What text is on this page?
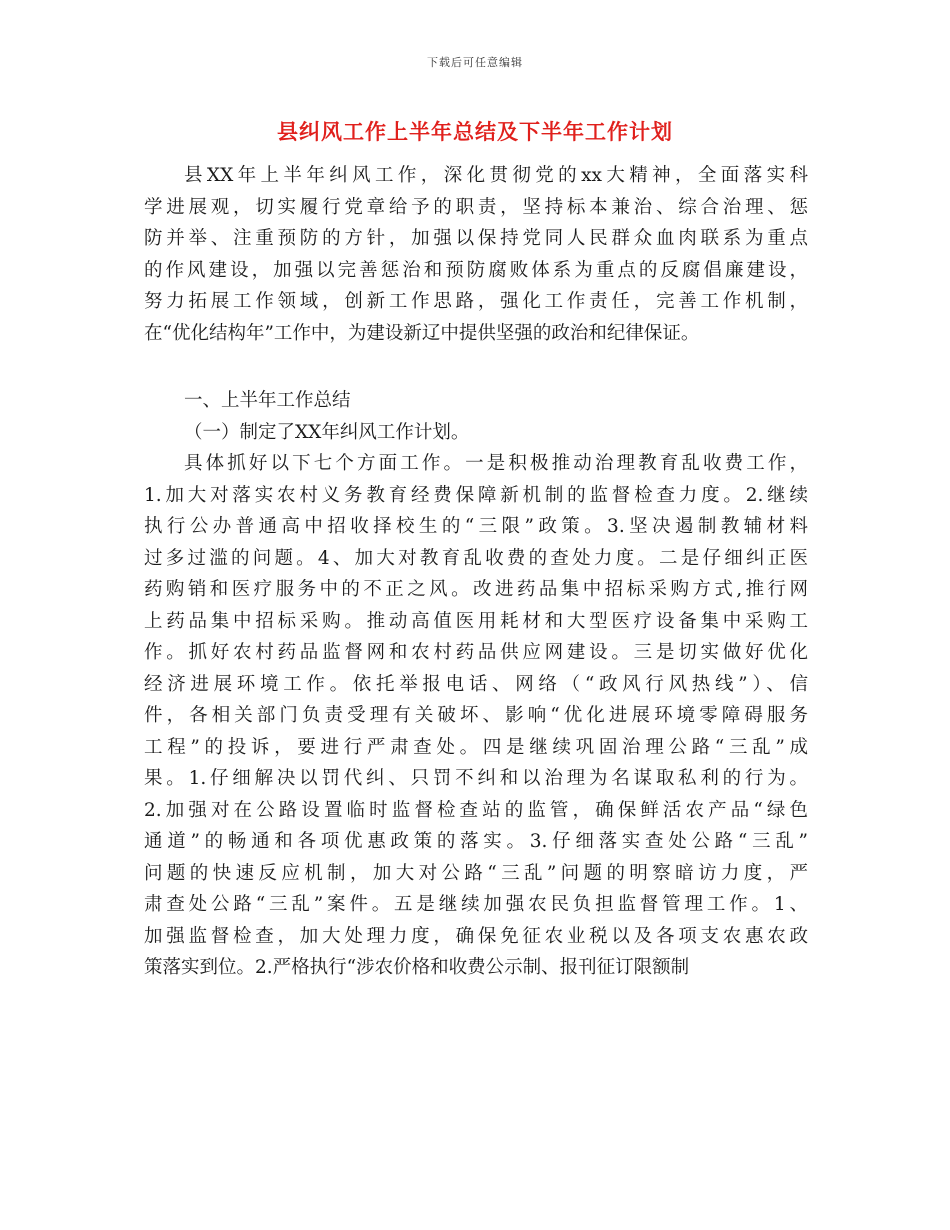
下载后可任意编辑
县纠风工作上半年总结及下半年工作计划
县XX年上半年纠风工作，深化贯彻党的xx大精神，全面落实科
学进展观，切实履行党章给予的职责，坚持标本兼治、综合治理、惩
防并举、注重预防的方针，加强以保持党同人民群众血肉联系为重点
的作风建设，加强以完善惩治和预防腐败体系为重点的反腐倡廉建设，
努力拓展工作领域，创新工作思路，强化工作责任，完善工作机制，
在“优化结构年”工作中，为建设新辽中提供坚强的政治和纪律保证。
一、上半年工作总结
（一）制定了XX年纠风工作计划。
具体抓好以下七个方面工作。一是积极推动治理教育乱收费工作，
1.加大对落实农村义务教育经费保障新机制的监督检查力度。2.继续
执行公办普通高中招收择校生的“三限”政策。3.坚决遏制教辅材料
过多过滥的问题。4、加大对教育乱收费的查处力度。二是仔细纠正医
药购销和医疗服务中的不正之风。改进药品集中招标采购方式,推行网
上药品集中招标采购。推动高值医用耗材和大型医疗设备集中采购工
作。抓好农村药品监督网和农村药品供应网建设。三是切实做好优化
经济进展环境工作。依托举报电话、网络（“政风行风热线”）、信
件，各相关部门负责受理有关破坏、影响“优化进展环境零障碍服务
工程”的投诉，要进行严肃查处。四是继续巩固治理公路“三乱”成
果。1.仔细解决以罚代纠、只罚不纠和以治理为名谋取私利的行为。
2.加强对在公路设置临时监督检查站的监管，确保鲜活农产品“绿色
通道”的畅通和各项优惠政策的落实。3.仔细落实查处公路“三乱”
问题的快速反应机制，加大对公路“三乱”问题的明察暗访力度，严
肃查处公路“三乱”案件。五是继续加强农民负担监督管理工作。1、
加强监督检查，加大处理力度，确保免征农业税以及各项支农惠农政
策落实到位。2.严格执行“涉农价格和收费公示制、报刊征订限额制
